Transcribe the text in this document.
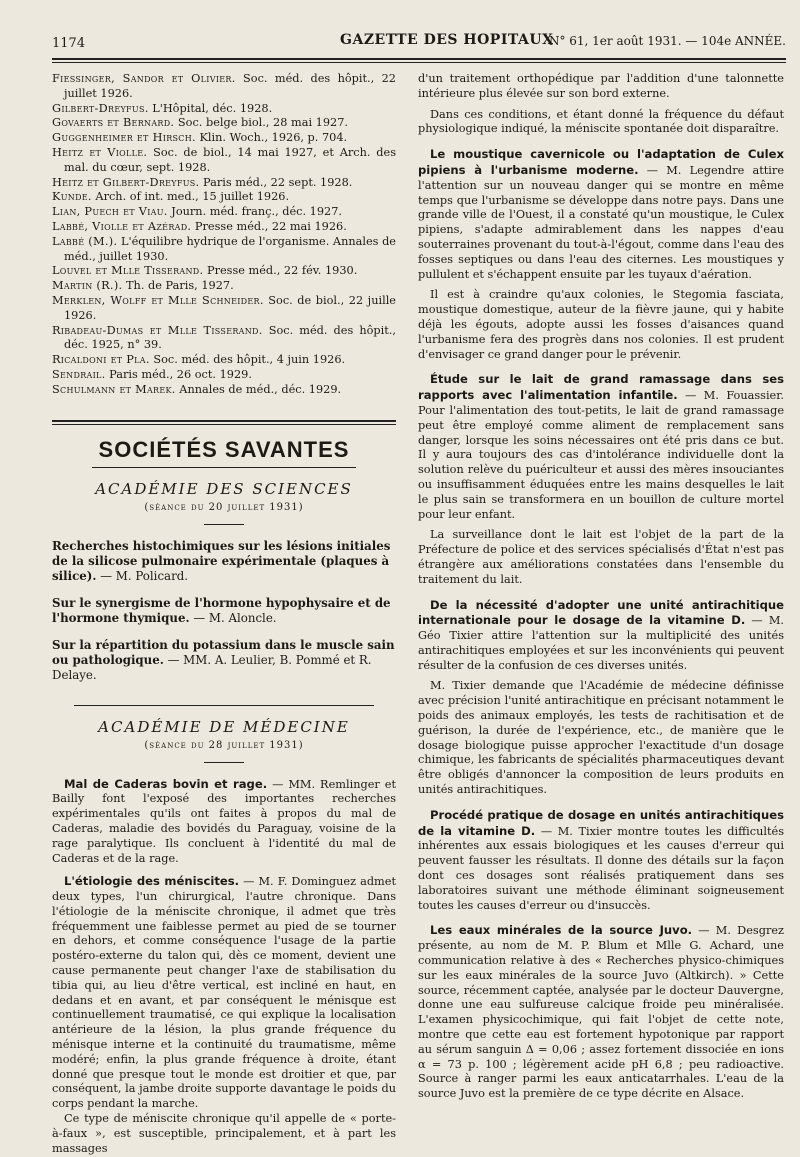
1174	GAZETTE DES HOPITAUX
N° 61, 1er août 1931. — 104e ANNÉE.

Fiessinger, Sandor et Olivier. Soc. méd. des hôpit., 22 juillet 1926.

Gilbert-Dreyfus. L'Hôpital, déc. 1928.

Govaerts et Bernard. Soc. belge biol., 28 mai 1927.

Guggenheimer et Hirsch. Klin. Woch., 1926, p. 704.

Heitz et Violle. Soc. de biol., 14 mai 1927, et Arch. des mal. du cœur, sept. 1928.

Heitz et Gilbert-Dreyfus. Paris méd., 22 sept. 1928.

Kunde. Arch. of int. med., 15 juillet 1926.

Lian, Puech et Viau. Journ. méd. franç., déc. 1927.

Labbé, Violle et Azérad. Presse méd., 22 mai 1926.

Labbé (M.). L'équilibre hydrique de l'organisme. Annales de méd., juillet 1930.

Louvel et Mlle Tisserand. Presse méd., 22 fév. 1930.

Martin (R.). Th. de Paris, 1927.

Merklen, Wolff et Mlle Schneider. Soc. de biol., 22 juille 1926.

Ribadeau-Dumas et Mlle Tisserand. Soc. méd. des hôpit., déc. 1925, n° 39.

Ricaldoni et Pla. Soc. méd. des hôpit., 4 juin 1926.

Sendrail. Paris méd., 26 oct. 1929.

Schulmann et Marek. Annales de méd., déc. 1929.

SOCIÉTÉS SAVANTES
ACADÉMIE DES SCIENCES
(séance du 20 juillet 1931)
Recherches histochimiques sur les lésions initiales de la silicose pulmonaire expérimentale (plaques à silice). — M. Policard.
Sur le synergisme de l'hormone hypophysaire et de l'hormone thymique. — M. Aloncle.
Sur la répartition du potassium dans le muscle sain ou pathologique. — MM. A. Leulier, B. Pommé et R. Delaye.
ACADÉMIE DE MÉDECINE
(séance du 28 juillet 1931)

Mal de Caderas bovin et rage. — MM. Remlinger et Bailly font l'exposé des importantes recherches expérimentales qu'ils ont faites à propos du mal de Caderas, maladie des bovidés du Paraguay, voisine de la rage paralytique. Ils concluent à l'identité du mal de Caderas et de la rage.

L'étiologie des méniscites. — M. F. Dominguez admet deux types, l'un chirurgical, l'autre chronique. Dans l'étiologie de la méniscite chronique, il admet que très fréquemment une faiblesse permet au pied de se tourner en dehors, et comme conséquence l'usage de la partie postéro-externe du talon qui, dès ce moment, devient une cause permanente peut changer l'axe de stabilisation du tibia qui, au lieu d'être vertical, est incliné en haut, en dedans et en avant, et par conséquent le ménisque est continuellement traumatisé, ce qui explique la localisation antérieure de la lésion, la plus grande fréquence du ménisque interne et la continuité du traumatisme, même modéré; enfin, la plus grande fréquence à droite, étant donné que presque tout le monde est droitier et que, par conséquent, la jambe droite supporte davantage le poids du corps pendant la marche.

Ce type de méniscite chronique qu'il appelle de « porte-à-faux », est susceptible, principalement, et à part les massages

d'un traitement orthopédique par l'addition d'une talonnette intérieure plus élevée sur son bord externe.

Dans ces conditions, et étant donné la fréquence du défaut physiologique indiqué, la méniscite spontanée doit disparaître.

Le moustique cavernicole ou l'adaptation de Culex pipiens à l'urbanisme moderne. — M. Legendre attire l'attention sur un nouveau danger qui se montre en même temps que l'urbanisme se développe dans notre pays. Dans une grande ville de l'Ouest, il a constaté qu'un moustique, le Culex pipiens, s'adapte admirablement dans les nappes d'eau souterraines provenant du tout-à-l'égout, comme dans l'eau des fosses septiques ou dans l'eau des citernes. Les moustiques y pullulent et s'échappent ensuite par les tuyaux d'aération.

Il est à craindre qu'aux colonies, le Stegomia fasciata, moustique domestique, auteur de la fièvre jaune, qui y habite déjà les égouts, adopte aussi les fosses d'aisances quand l'urbanisme fera des progrès dans nos colonies. Il est prudent d'envisager ce grand danger pour le prévenir.

Étude sur le lait de grand ramassage dans ses rapports avec l'alimentation infantile. — M. Fouassier. Pour l'alimentation des tout-petits, le lait de grand ramassage peut être employé comme aliment de remplacement sans danger, lorsque les soins nécessaires ont été pris dans ce but. Il y aura toujours des cas d'intolérance individuelle dont la solution relève du puériculteur et aussi des mères insouciantes ou insuffisamment éduquées entre les mains desquelles le lait le plus sain se transformera en un bouillon de culture mortel pour leur enfant.

La surveillance dont le lait est l'objet de la part de la Préfecture de police et des services spécialisés d'État n'est pas étrangère aux améliorations constatées dans l'ensemble du traitement du lait.

De la nécessité d'adopter une unité antirachitique internationale pour le dosage de la vitamine D. — M. Géo Tixier attire l'attention sur la multiplicité des unités antirachitiques employées et sur les inconvénients qui peuvent résulter de la confusion de ces diverses unités.

M. Tixier demande que l'Académie de médecine définisse avec précision l'unité antirachitique en précisant notamment le poids des animaux employés, les tests de rachitisation et de guérison, la durée de l'expérience, etc., de manière que le dosage biologique puisse approcher l'exactitude d'un dosage chimique, les fabricants de spécialités pharmaceutiques devant être obligés d'annoncer la composition de leurs produits en unités antirachitiques.

Procédé pratique de dosage en unités antirachitiques de la vitamine D. — M. Tixier montre toutes les difficultés inhérentes aux essais biologiques et les causes d'erreur qui peuvent fausser les résultats. Il donne des détails sur la façon dont ces dosages sont réalisés pratiquement dans ses laboratoires suivant une méthode éliminant soigneusement toutes les causes d'erreur ou d'insuccès.

Les eaux minérales de la source Juvo. — M. Desgrez présente, au nom de M. P. Blum et Mlle G. Achard, une communication relative à des « Recherches physico-chimiques sur les eaux minérales de la source Juvo (Altkirch). » Cette source, récemment captée, analysée par le docteur Dauvergne, donne une eau sulfureuse calcique froide peu minéralisée. L'examen physicochimique, qui fait l'objet de cette note, montre que cette eau est fortement hypotonique par rapport au sérum sanguin Δ = 0,06 ; assez fortement dissociée en ions α = 73 p. 100 ; légèrement acide pH 6,8 ; peu radioactive. Source à ranger parmi les eaux anticatarrhales. L'eau de la source Juvo est la première de ce type décrite en Alsace.
